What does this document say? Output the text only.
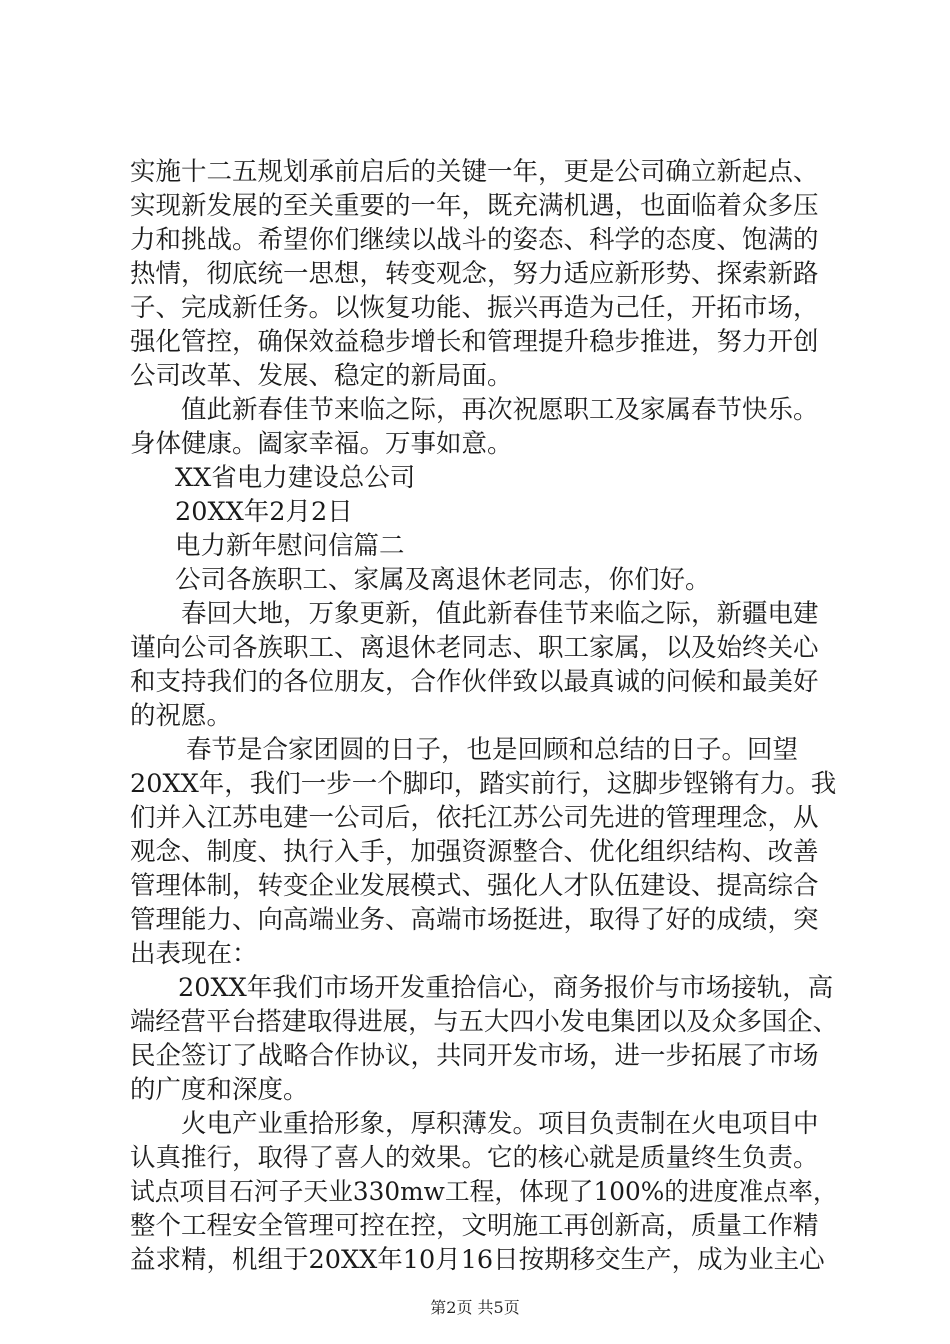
实施十二五规划承前启后的关键一年，更是公司确立新起点、
实现新发展的至关重要的一年，既充满机遇，也面临着众多压
力和挑战。希望你们继续以战斗的姿态、科学的态度、饱满的
热情，彻底统一思想，转变观念，努力适应新形势、探索新路
子、完成新任务。以恢复功能、振兴再造为己任，开拓市场，
强化管控，确保效益稳步增长和管理提升稳步推进，努力开创
公司改革、发展、稳定的新局面。
值此新春佳节来临之际，再次祝愿职工及家属春节快乐。
身体健康。阖家幸福。万事如意。
XX省电力建设总公司
20XX年2月2日
电力新年慰问信篇二
公司各族职工、家属及离退休老同志，你们好。
春回大地，万象更新，值此新春佳节来临之际，新疆电建
谨向公司各族职工、离退休老同志、职工家属，以及始终关心
和支持我们的各位朋友，合作伙伴致以最真诚的问候和最美好
的祝愿。
春节是合家团圆的日子，也是回顾和总结的日子。回望
20XX年，我们一步一个脚印，踏实前行，这脚步铿锵有力。我
们并入江苏电建一公司后，依托江苏公司先进的管理理念，从
观念、制度、执行入手，加强资源整合、优化组织结构、改善
管理体制，转变企业发展模式、强化人才队伍建设、提高综合
管理能力、向高端业务、高端市场挺进，取得了好的成绩，突
出表现在：
20XX年我们市场开发重拾信心，商务报价与市场接轨，高
端经营平台搭建取得进展，与五大四小发电集团以及众多国企、
民企签订了战略合作协议，共同开发市场，进一步拓展了市场
的广度和深度。
火电产业重拾形象，厚积薄发。项目负责制在火电项目中
认真推行，取得了喜人的效果。它的核心就是质量终生负责。
试点项目石河子天业330mw工程，体现了100%的进度准点率，
整个工程安全管理可控在控，文明施工再创新高，质量工作精
益求精，机组于20XX年10月16日按期移交生产，成为业主心
第2页 共5页
